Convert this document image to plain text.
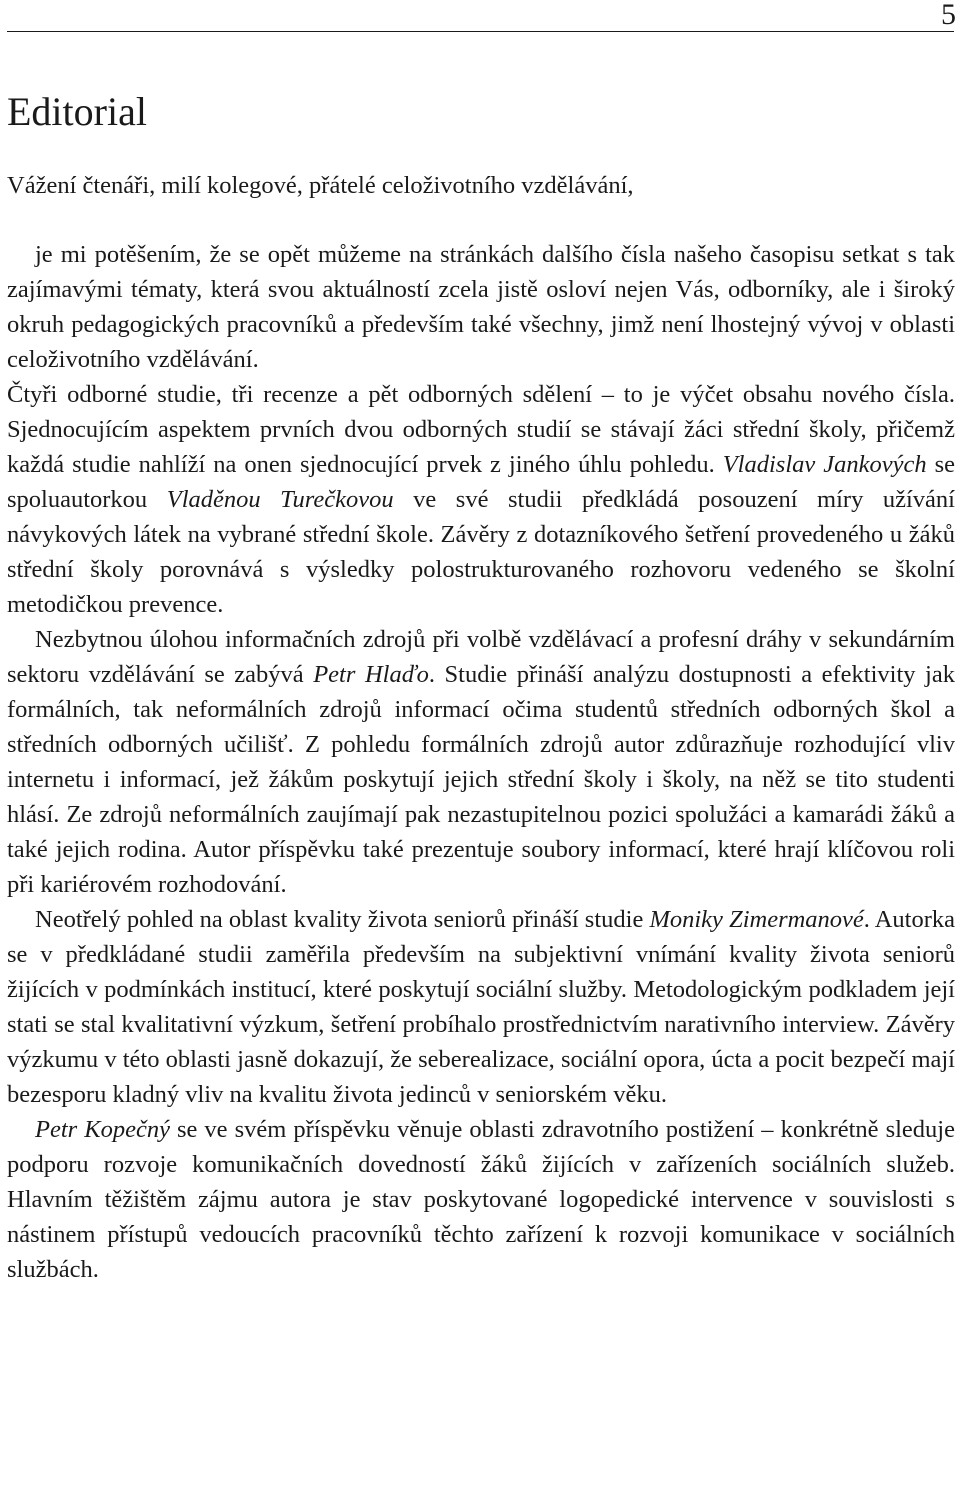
5
Editorial

Vážení čtenáři, milí kolegové, přátelé celoživotního vzdělávání,

je mi potěšením, že se opět můžeme na stránkách dalšího čísla našeho časopisu setkat s tak zajímavými tématy, která svou aktuálností zcela jistě osloví nejen Vás, odborníky, ale i široký okruh pedagogických pracovníků a především také všechny, jimž není lhostejný vývoj v oblasti celoživotního vzdělávání.

Čtyři odborné studie, tři recenze a pět odborných sdělení – to je výčet obsahu nového čísla. Sjednocujícím aspektem prvních dvou odborných studií se stávají žáci střední školy, přičemž každá studie nahlíží na onen sjednocující prvek z jiného úhlu pohledu. Vladislav Jankových se spoluautorkou Vladěnou Turečkovou ve své studii předkládá posouzení míry užívání návykových látek na vybrané střední škole. Závěry z dotazníkového šetření provedeného u žáků střední školy porovnává s výsledky polostrukturovaného rozhovoru vedeného se školní metodičkou prevence.

Nezbytnou úlohou informačních zdrojů při volbě vzdělávací a profesní dráhy v sekundárním sektoru vzdělávání se zabývá Petr Hlaďo. Studie přináší analýzu dostupnosti a efektivity jak formálních, tak neformálních zdrojů informací očima studentů středních odborných škol a středních odborných učilišť. Z pohledu formálních zdrojů autor zdůrazňuje rozhodující vliv internetu i informací, jež žákům poskytují jejich střední školy i školy, na něž se tito studenti hlásí. Ze zdrojů neformálních zaujímají pak nezastupitelnou pozici spolužáci a kamarádi žáků a také jejich rodina. Autor příspěvku také prezentuje soubory informací, které hrají klíčovou roli při kariérovém rozhodování.

Neotřelý pohled na oblast kvality života seniorů přináší studie Moniky Zimermanové. Autorka se v předkládané studii zaměřila především na subjektivní vnímání kvality života seniorů žijících v podmínkách institucí, které poskytují sociální služby. Metodologickým podkladem její stati se stal kvalitativní výzkum, šetření probíhalo prostřednictvím narativního interview. Závěry výzkumu v této oblasti jasně dokazují, že seberealizace, sociální opora, úcta a pocit bezpečí mají bezesporu kladný vliv na kvalitu života jedinců v seniorském věku.

Petr Kopečný se ve svém příspěvku věnuje oblasti zdravotního postižení – konkrétně sleduje podporu rozvoje komunikačních dovedností žáků žijících v zařízeních sociálních služeb. Hlavním těžištěm zájmu autora je stav poskytované logopedické intervence v souvislosti s nástinem přístupů vedoucích pracovníků těchto zařízení k rozvoji komunikace v sociálních službách.
